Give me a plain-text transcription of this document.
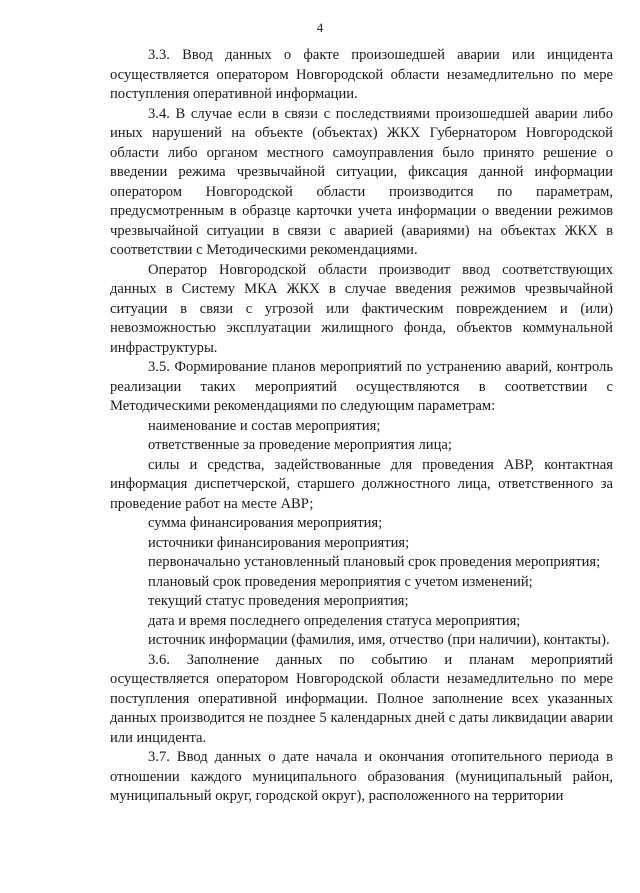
4

3.3. Ввод данных о факте произошедшей аварии или инцидента осуществляется оператором Новгородской области незамедлительно по мере поступления оперативной информации.

3.4. В случае если в связи с последствиями произошедшей аварии либо иных нарушений на объекте (объектах) ЖКХ Губернатором Новгородской области либо органом местного самоуправления было принято решение о введении режима чрезвычайной ситуации, фиксация данной информации оператором Новгородской области производится по параметрам, предусмотренным в образце карточки учета информации о введении режимов чрезвычайной ситуации в связи с аварией (авариями) на объектах ЖКХ в соответствии с Методическими рекомендациями.

Оператор Новгородской области производит ввод соответствующих данных в Систему МКА ЖКХ в случае введения режимов чрезвычайной ситуации в связи с угрозой или фактическим повреждением и (или) невозможностью эксплуатации жилищного фонда, объектов коммунальной инфраструктуры.

3.5. Формирование планов мероприятий по устранению аварий, контроль реализации таких мероприятий осуществляются в соответствии с Методическими рекомендациями по следующим параметрам:

наименование и состав мероприятия;

ответственные за проведение мероприятия лица;

силы и средства, задействованные для проведения АВР, контактная информация диспетчерской, старшего должностного лица, ответственного за проведение работ на месте АВР;

сумма финансирования мероприятия;

источники финансирования мероприятия;

первоначально установленный плановый срок проведения мероприятия;

плановый срок проведения мероприятия с учетом изменений;

текущий статус проведения мероприятия;

дата и время последнего определения статуса мероприятия;

источник информации (фамилия, имя, отчество (при наличии), контакты).

3.6. Заполнение данных по событию и планам мероприятий осуществляется оператором Новгородской области незамедлительно по мере поступления оперативной информации. Полное заполнение всех указанных данных производится не позднее 5 календарных дней с даты ликвидации аварии или инцидента.

3.7. Ввод данных о дате начала и окончания отопительного периода в отношении каждого муниципального образования (муниципальный район, муниципальный округ, городской округ), расположенного на территории
